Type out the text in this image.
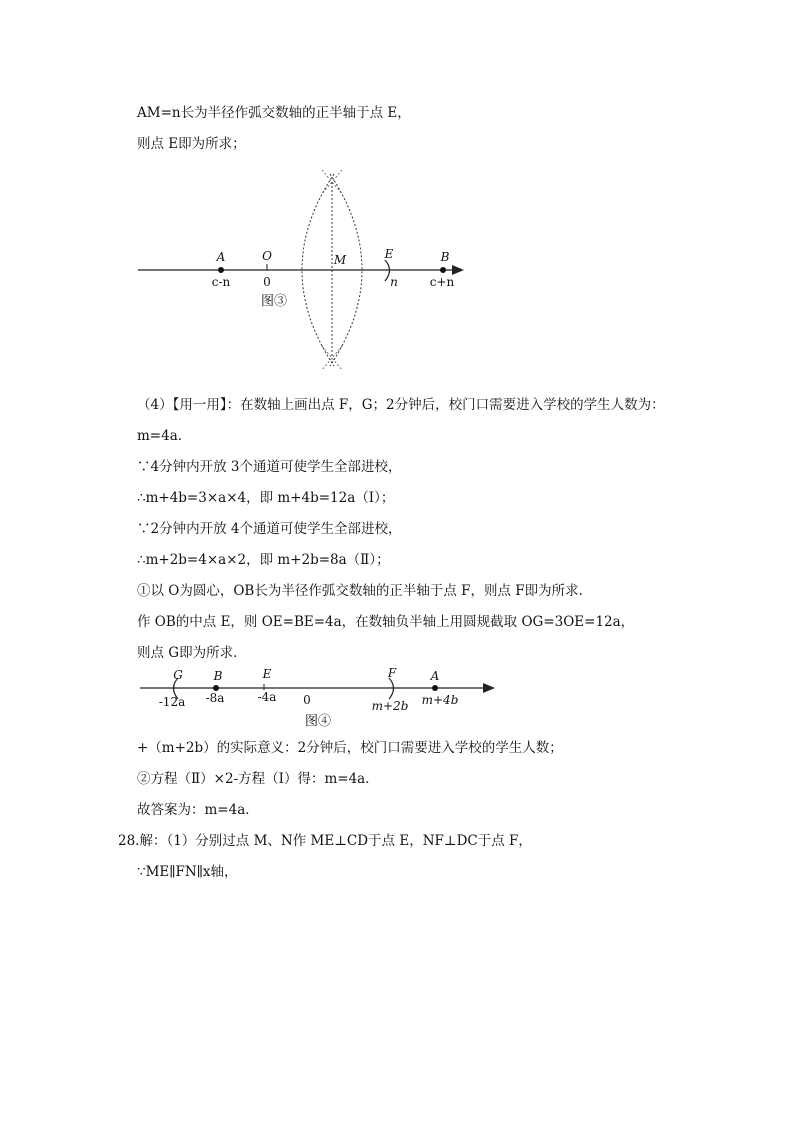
AM=n长为半径作弧交数轴的正半轴于点 E，
则点 E即为所求；
A
c-n
O
0
M	E
n
B
c+n
图③
（4）【用一用】：在数轴上画出点 F，G；2分钟后，校门口需要进入学校的学生人数为：
m=4a．
∵4分钟内开放 3个通道可使学生全部进校，
∴m+4b=3×a×4，即 m+4b=12a（Ⅰ）；
∵2分钟内开放 4个通道可使学生全部进校，
∴m+2b=4×a×2，即 m+2b=8a（Ⅱ）；
①以 O为圆心，OB长为半径作弧交数轴的正半轴于点 F，则点 F即为所求．
作 OB的中点 E，则 OE=BE=4a，在数轴负半轴上用圆规截取 OG=3OE=12a，
则点 G即为所求．
G
-12a
B
-8a
E
-4a 0
F
m+2b
A
m+4b
图④
+（m+2b）的实际意义：2分钟后，校门口需要进入学校的学生人数；
②方程（Ⅱ）×2-方程（Ⅰ）得：m=4a．
故答案为：m=4a．
28.解：（1）分别过点 M、N作 ME⊥CD于点 E，NF⊥DC于点 F，
∵ME∥FN∥x轴，
